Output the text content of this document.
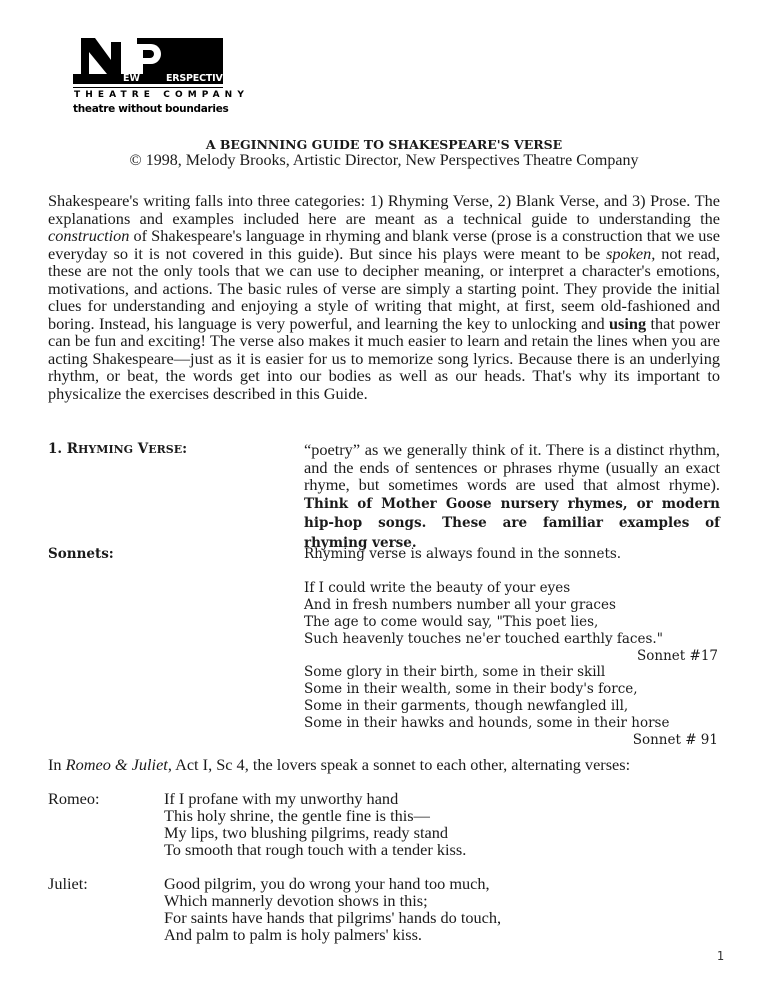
EW	ERSPECTIVES
THEATRE COMPANY
theatre without boundaries
A BEGINNING GUIDE TO SHAKESPEARE'S VERSE
© 1998, Melody Brooks, Artistic Director, New Perspectives Theatre Company
Shakespeare's writing falls into three categories: 1) Rhyming Verse, 2) Blank Verse, and 3) Prose. The explanations and examples included here are meant as a technical guide to understanding the construction of Shakespeare's language in rhyming and blank verse (prose is a construction that we use everyday so it is not covered in this guide). But since his plays were meant to be spoken, not read, these are not the only tools that we can use to decipher meaning, or interpret a character's emotions, motivations, and actions. The basic rules of verse are simply a starting point. They provide the initial clues for understanding and enjoying a style of writing that might, at first, seem old-fashioned and boring. Instead, his language is very powerful, and learning the key to unlocking and using that power can be fun and exciting! The verse also makes it much easier to learn and retain the lines when you are acting Shakespeare—just as it is easier for us to memorize song lyrics. Because there is an underlying rhythm, or beat, the words get into our bodies as well as our heads. That's why its important to physicalize the exercises described in this Guide.
1. RHYMING VERSE:	“poetry” as we generally think of it. There is a distinct rhythm, and the ends of sentences or phrases rhyme (usually an exact rhyme, but sometimes words are used that almost rhyme). Think of Mother Goose nursery rhymes, or modern hip-hop songs. These are familiar examples of rhyming verse.
Sonnets:	Rhyming verse is always found in the sonnets.
If I could write the beauty of your eyes
And in fresh numbers number all your graces
The age to come would say, "This poet lies,
Such heavenly touches ne'er touched earthly faces."
Sonnet #17
Some glory in their birth, some in their skill
Some in their wealth, some in their body's force,
Some in their garments, though newfangled ill,
Some in their hawks and hounds, some in their horse
Sonnet # 91
In Romeo & Juliet, Act I, Sc 4, the lovers speak a sonnet to each other, alternating verses:
Romeo:	If I profane with my unworthy hand
This holy shrine, the gentle fine is this—
My lips, two blushing pilgrims, ready stand
To smooth that rough touch with a tender kiss.
Juliet:	Good pilgrim, you do wrong your hand too much,
Which mannerly devotion shows in this;
For saints have hands that pilgrims' hands do touch,
And palm to palm is holy palmers' kiss.
1
